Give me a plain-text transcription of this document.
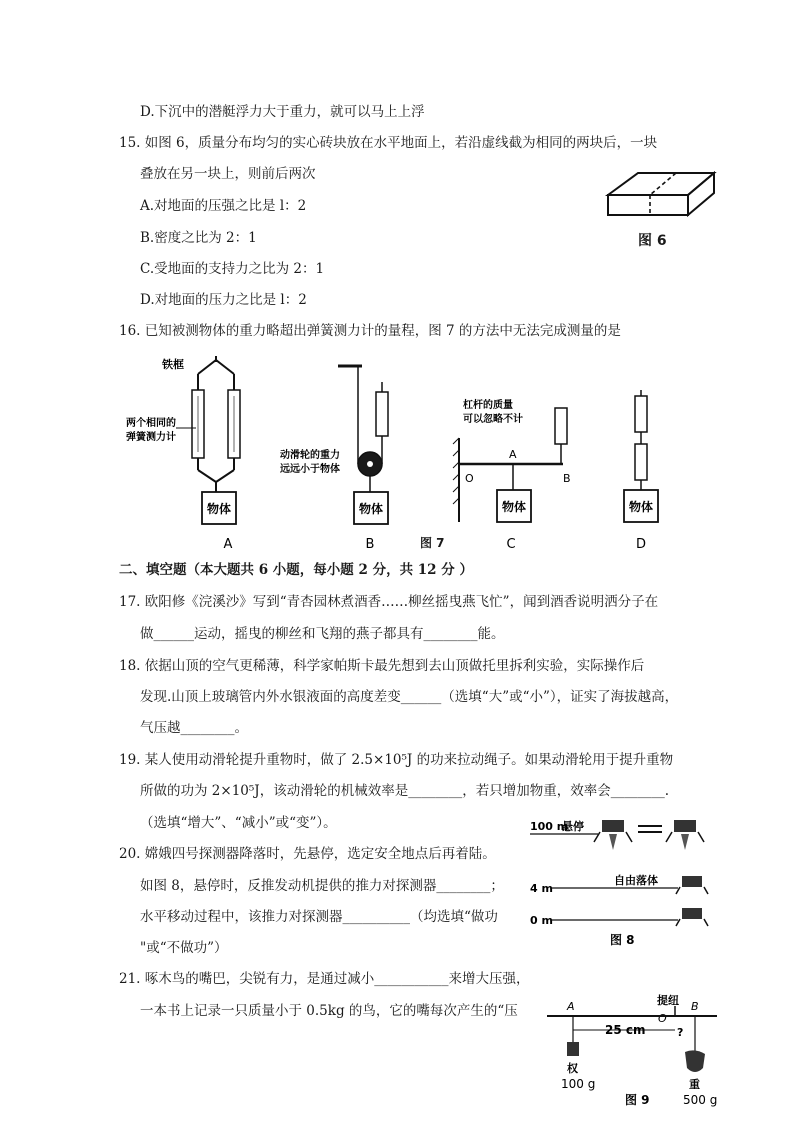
D.下沉中的潜艇浮力大于重力，就可以马上上浮
15. 如图 6，质量分布均匀的实心砖块放在水平地面上，若沿虚线截为相同的两块后，一块
叠放在另一块上，则前后两次
A.对地面的压强之比是 l：2
B.密度之比为 2：1
C.受地面的支持力之比为 2：1
D.对地面的压力之比是 l：2
图 6
16. 已知被测物体的重力略超出弹簧测力计的量程，图 7 的方法中无法完成测量的是
物体
铁框
两个相同的
弹簧测力计
A
物体
动滑轮的重力
远远小于物体
B	图 7
物体
杠杆的质量
可以忽略不计
O
A
B
C
物体
D
二、填空题（本大题共 6 小题，每小题 2 分，共 12 分 ）
17. 欧阳修《浣溪沙》写到“青杏园林煮酒香……柳丝摇曳燕飞忙”，闻到酒香说明洒分子在
做______运动，摇曳的柳丝和飞翔的燕子都具有________能。
18. 依据山顶的空气更稀薄，科学家帕斯卡最先想到去山顶做托里拆利实验，实际操作后
发现.山顶上玻璃管内外水银液面的高度差变______（选填“大”或“小”），证实了海拔越高，
气压越________。
19. 某人使用动滑轮提升重物时，做了 2.5×10⁵J 的功来拉动绳子。如果动滑轮用于提升重物
所做的功为 2×10⁵J，该动滑轮的机械效率是________，若只增加物重，效率会________.
（选填“增大”、“减小”或“变”）。
20. 嫦娥四号探测器降落时，先悬停，选定安全地点后再着陆。
如图 8，悬停时，反推发动机提供的推力对探测器________；
水平移动过程中，该推力对探测器__________（均选填“做功
"或“不做功”）
100 m
悬停
4 m
自由落体
0 m
图 8
21. 啄木鸟的嘴巴，尖锐有力，是通过减小___________来增大压强，
一本书上记录一只质量小于 0.5kg 的鸟，它的嘴每次产生的“压
提纽
A
O
B
25 cm	?
权
100 g	重
500 g
图 9
